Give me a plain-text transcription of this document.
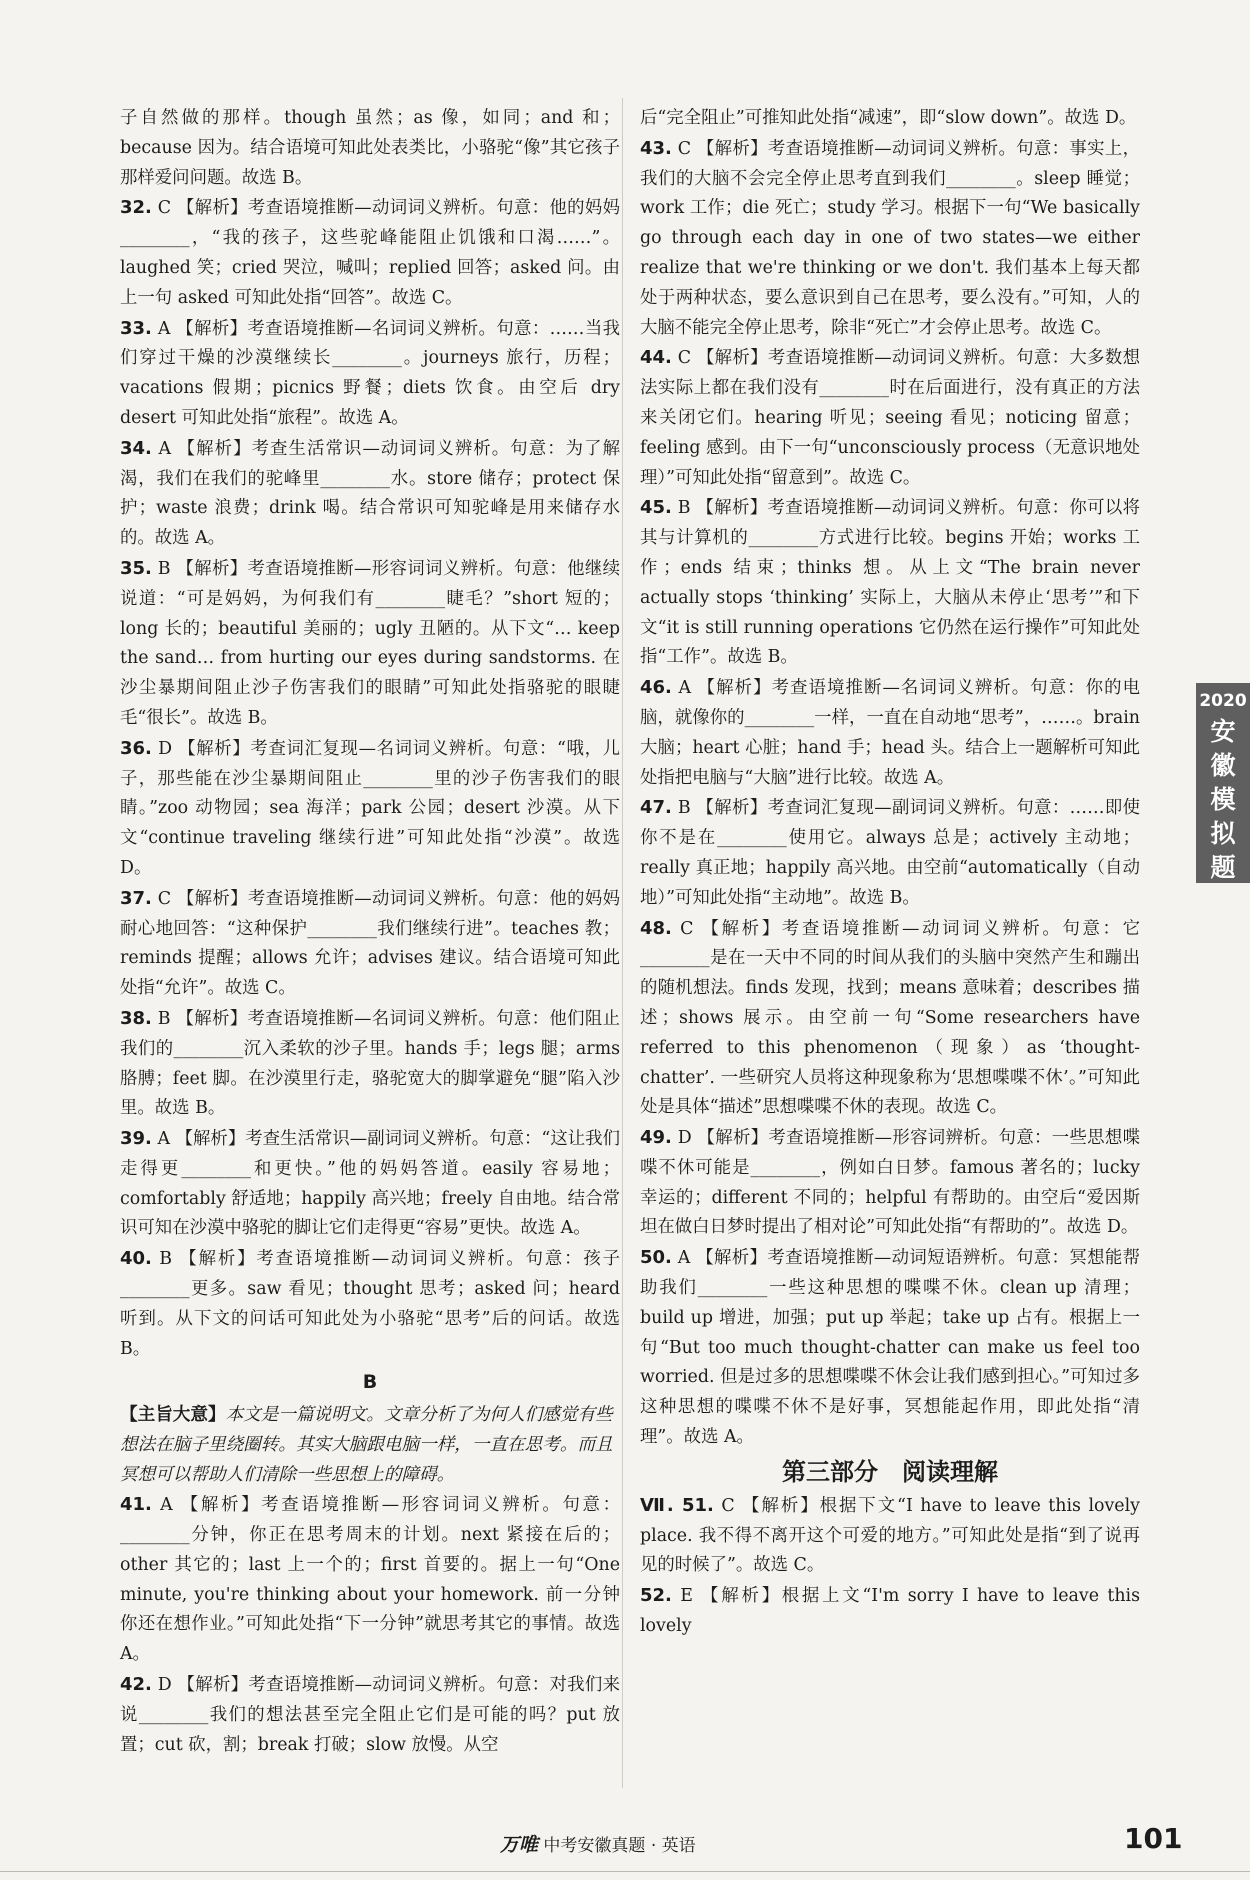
子自然做的那样。though 虽然；as 像，如同；and 和；because 因为。结合语境可知此处表类比，小骆驼“像”其它孩子那样爱问问题。故选 B。

32. C 【解析】考查语境推断—动词词义辨析。句意：他的妈妈________，“我的孩子，这些驼峰能阻止饥饿和口渴……”。laughed 笑；cried 哭泣，喊叫；replied 回答；asked 问。由上一句 asked 可知此处指“回答”。故选 C。

33. A 【解析】考查语境推断—名词词义辨析。句意：……当我们穿过干燥的沙漠继续长________。journeys 旅行，历程；vacations 假期；picnics 野餐；diets 饮食。由空后 dry desert 可知此处指“旅程”。故选 A。

34. A 【解析】考查生活常识—动词词义辨析。句意：为了解渴，我们在我们的驼峰里________水。store 储存；protect 保护；waste 浪费；drink 喝。结合常识可知驼峰是用来储存水的。故选 A。

35. B 【解析】考查语境推断—形容词词义辨析。句意：他继续说道：“可是妈妈，为何我们有________睫毛？”short 短的；long 长的；beautiful 美丽的；ugly 丑陋的。从下文“… keep the sand… from hurting our eyes during sandstorms. 在沙尘暴期间阻止沙子伤害我们的眼睛”可知此处指骆驼的眼睫毛“很长”。故选 B。

36. D 【解析】考查词汇复现—名词词义辨析。句意：“哦，儿子，那些能在沙尘暴期间阻止________里的沙子伤害我们的眼睛。”zoo 动物园；sea 海洋；park 公园；desert 沙漠。从下文“continue traveling 继续行进”可知此处指“沙漠”。故选 D。

37. C 【解析】考查语境推断—动词词义辨析。句意：他的妈妈耐心地回答：“这种保护________我们继续行进”。teaches 教；reminds 提醒；allows 允许；advises 建议。结合语境可知此处指“允许”。故选 C。

38. B 【解析】考查语境推断—名词词义辨析。句意：他们阻止我们的________沉入柔软的沙子里。hands 手；legs 腿；arms 胳膊；feet 脚。在沙漠里行走，骆驼宽大的脚掌避免“腿”陷入沙里。故选 B。

39. A 【解析】考查生活常识—副词词义辨析。句意：“这让我们走得更________和更快。”他的妈妈答道。easily 容易地；comfortably 舒适地；happily 高兴地；freely 自由地。结合常识可知在沙漠中骆驼的脚让它们走得更“容易”更快。故选 A。

40. B 【解析】考查语境推断—动词词义辨析。句意：孩子________更多。saw 看见；thought 思考；asked 问；heard 听到。从下文的问话可知此处为小骆驼“思考”后的问话。故选 B。

B

【主旨大意】本文是一篇说明文。文章分析了为何人们感觉有些想法在脑子里绕圈转。其实大脑跟电脑一样，一直在思考。而且冥想可以帮助人们清除一些思想上的障碍。

41. A 【解析】考查语境推断—形容词词义辨析。句意：________分钟，你正在思考周末的计划。next 紧接在后的；other 其它的；last 上一个的；first 首要的。据上一句“One minute, you're thinking about your homework. 前一分钟你还在想作业。”可知此处指“下一分钟”就思考其它的事情。故选 A。

42. D 【解析】考查语境推断—动词词义辨析。句意：对我们来说________我们的想法甚至完全阻止它们是可能的吗？put 放置；cut 砍，割；break 打破；slow 放慢。从空

后“完全阻止”可推知此处指“减速”，即“slow down”。故选 D。

43. C 【解析】考查语境推断—动词词义辨析。句意：事实上，我们的大脑不会完全停止思考直到我们________。sleep 睡觉；work 工作；die 死亡；study 学习。根据下一句“We basically go through each day in one of two states—we either realize that we're thinking or we don't. 我们基本上每天都处于两种状态，要么意识到自己在思考，要么没有。”可知，人的大脑不能完全停止思考，除非“死亡”才会停止思考。故选 C。

44. C 【解析】考查语境推断—动词词义辨析。句意：大多数想法实际上都在我们没有________时在后面进行，没有真正的方法来关闭它们。hearing 听见；seeing 看见；noticing 留意；feeling 感到。由下一句“unconsciously process（无意识地处理）”可知此处指“留意到”。故选 C。

45. B 【解析】考查语境推断—动词词义辨析。句意：你可以将其与计算机的________方式进行比较。begins 开始；works 工作；ends 结束；thinks 想。从上文“The brain never actually stops ‘thinking’ 实际上，大脑从未停止‘思考’”和下文“it is still running operations 它仍然在运行操作”可知此处指“工作”。故选 B。

46. A 【解析】考查语境推断—名词词义辨析。句意：你的电脑，就像你的________一样，一直在自动地“思考”，……。brain 大脑；heart 心脏；hand 手；head 头。结合上一题解析可知此处指把电脑与“大脑”进行比较。故选 A。

47. B 【解析】考查词汇复现—副词词义辨析。句意：……即使你不是在________使用它。always 总是；actively 主动地；really 真正地；happily 高兴地。由空前“automatically（自动地）”可知此处指“主动地”。故选 B。

48. C 【解析】考查语境推断—动词词义辨析。句意：它________是在一天中不同的时间从我们的头脑中突然产生和蹦出的随机想法。finds 发现，找到；means 意味着；describes 描述；shows 展示。由空前一句“Some researchers have referred to this phenomenon（现象）as ‘thought-chatter’. 一些研究人员将这种现象称为‘思想喋喋不休’。”可知此处是具体“描述”思想喋喋不休的表现。故选 C。

49. D 【解析】考查语境推断—形容词辨析。句意：一些思想喋喋不休可能是________，例如白日梦。famous 著名的；lucky 幸运的；different 不同的；helpful 有帮助的。由空后“爱因斯坦在做白日梦时提出了相对论”可知此处指“有帮助的”。故选 D。

50. A 【解析】考查语境推断—动词短语辨析。句意：冥想能帮助我们________一些这种思想的喋喋不休。clean up 清理；build up 增进，加强；put up 举起；take up 占有。根据上一句“But too much thought-chatter can make us feel too worried. 但是过多的思想喋喋不休会让我们感到担心。”可知过多这种思想的喋喋不休不是好事，冥想能起作用，即此处指“清理”。故选 A。

第三部分　阅读理解

Ⅶ. 51. C 【解析】根据下文“I have to leave this lovely place. 我不得不离开这个可爱的地方。”可知此处是指“到了说再见的时候了”。故选 C。

52. E 【解析】根据上文“I'm sorry I have to leave this lovely

2020
安
徽
模
拟
题
万唯 中考安徽真题 · 英语	101
